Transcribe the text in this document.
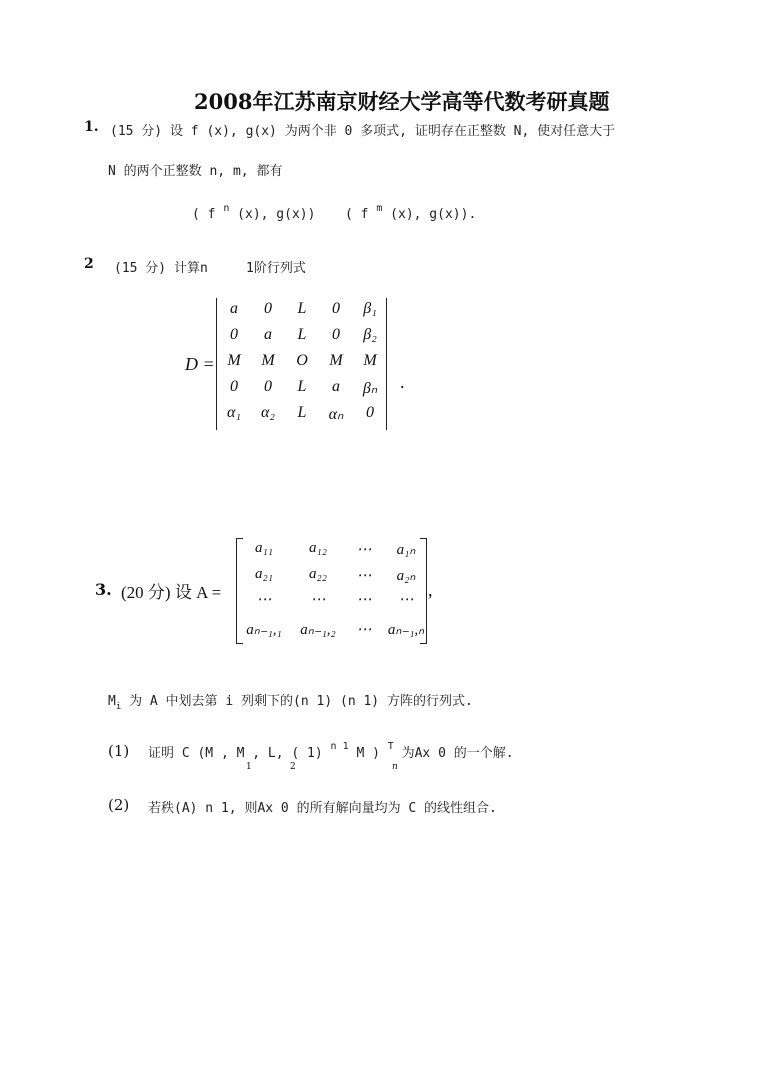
2008年江苏南京财经大学高等代数考研真题
1. (15 分) 设 f (x), g(x) 为两个非 0 多项式, 证明存在正整数 N, 使对任意大于
N 的两个正整数 n, m, 都有
( f $^n$ (x), g(x)) ( f $^m$ (x), g(x)).
2 (15 分) 计算n	1阶行列式
D =
a	0	L	0	β₁
0	a	L	0	β₂
M	M	O	M	M
0	0	L	a	βₙ
α₁	α₂	L	αₙ	0
.
3. (20 分) 设 A =
a₁₁	a₁₂	⋯	a₁ₙ
a₂₁	a₂₂	⋯	a₂ₙ
⋯	⋯	⋯	⋯
aₙ₋₁,₁	aₙ₋₁,₂	⋯	aₙ₋₁,ₙ
,
$M_i$ 为 A 中划去第 i 列剩下的(n 1) (n 1) 方阵的行列式.
(1) 证明 C (M , M , L, ( 1) $^{n 1}$ M ) $^T$ 为Ax 0 的一个解.
1	2	n
(2) 若秩(A) n 1, 则Ax 0 的所有解向量均为 C 的线性组合.
